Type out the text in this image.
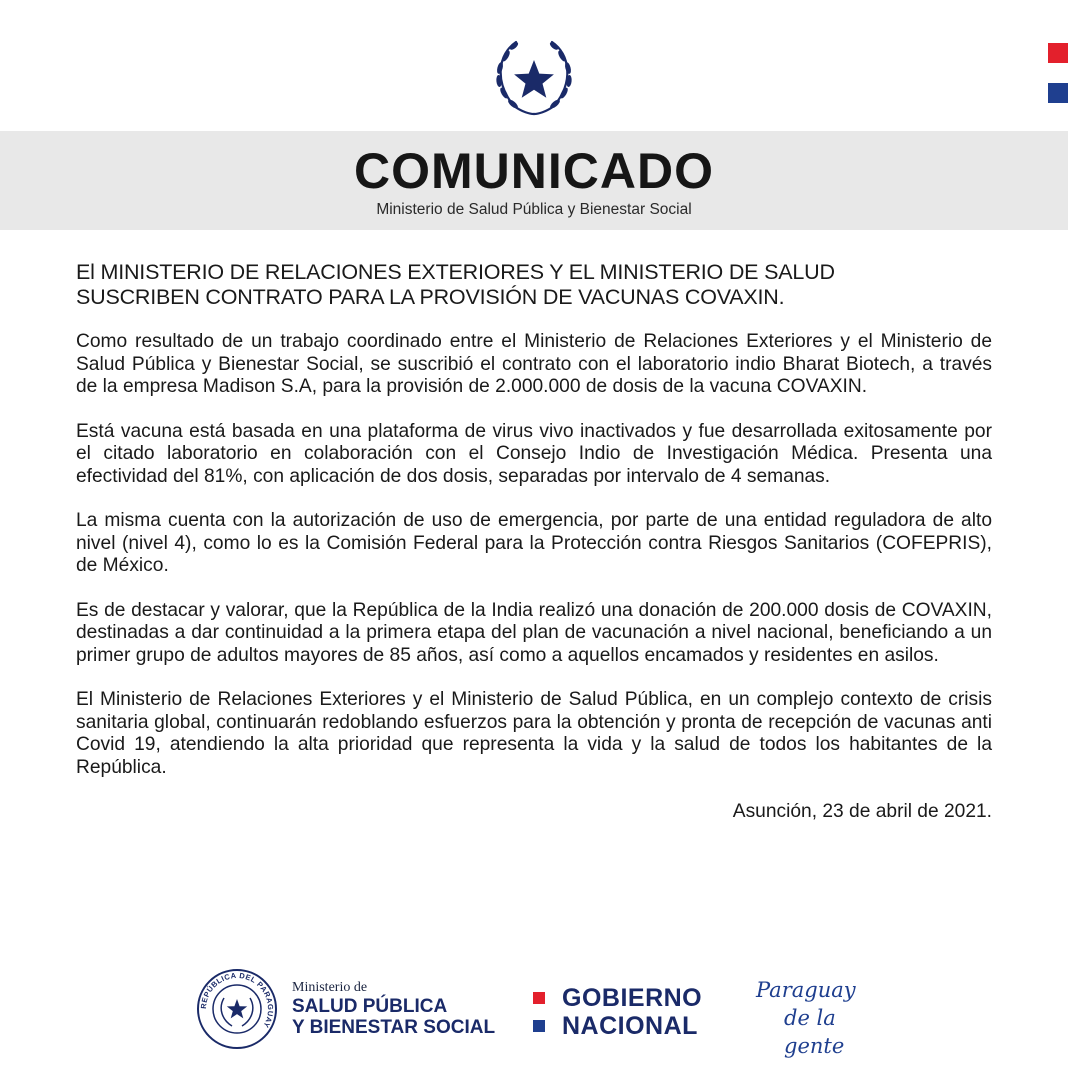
COMUNICADO
Ministerio de Salud Pública y Bienestar Social
El MINISTERIO DE RELACIONES EXTERIORES Y EL MINISTERIO DE SALUD
SUSCRIBEN CONTRATO PARA LA PROVISIÓN DE VACUNAS COVAXIN.

Como resultado de un trabajo coordinado entre el Ministerio de Relaciones Exteriores y el Ministerio de Salud Pública y Bienestar Social, se suscribió el contrato con el laboratorio indio Bharat Biotech, a través de la empresa Madison S.A, para la provisión de 2.000.000 de dosis de la vacuna COVAXIN.

Está vacuna está basada en una plataforma de virus vivo inactivados y fue desarrollada exitosamente por el citado laboratorio en colaboración con el Consejo Indio de Investigación Médica. Presenta una efectividad del 81%, con aplicación de dos dosis, separadas por intervalo de 4 semanas.

La misma cuenta con la autorización de uso de emergencia, por parte de una entidad reguladora de alto nivel (nivel 4), como lo es la Comisión Federal para la Protección contra Riesgos Sanitarios (COFEPRIS), de México.

Es de destacar y valorar, que la República de la India realizó una donación de 200.000 dosis de COVAXIN, destinadas a dar continuidad a la primera etapa del plan de vacunación a nivel nacional, beneficiando a un primer grupo de adultos mayores de 85 años, así como a aquellos encamados y residentes en asilos.

El Ministerio de Relaciones Exteriores y el Ministerio de Salud Pública, en un complejo contexto de crisis sanitaria global, continuarán redoblando esfuerzos para la obtención y pronta de recepción de vacunas anti Covid 19, atendiendo la alta prioridad que representa la vida y la salud de todos los habitantes de la República.

Asunción, 23 de abril de 2021.
REPÚBLICA DEL PARAGUAY
Ministerio de
SALUD PÚBLICA
Y BIENESTAR SOCIAL
GOBIERNO
NACIONAL
Paraguay
de la gente
